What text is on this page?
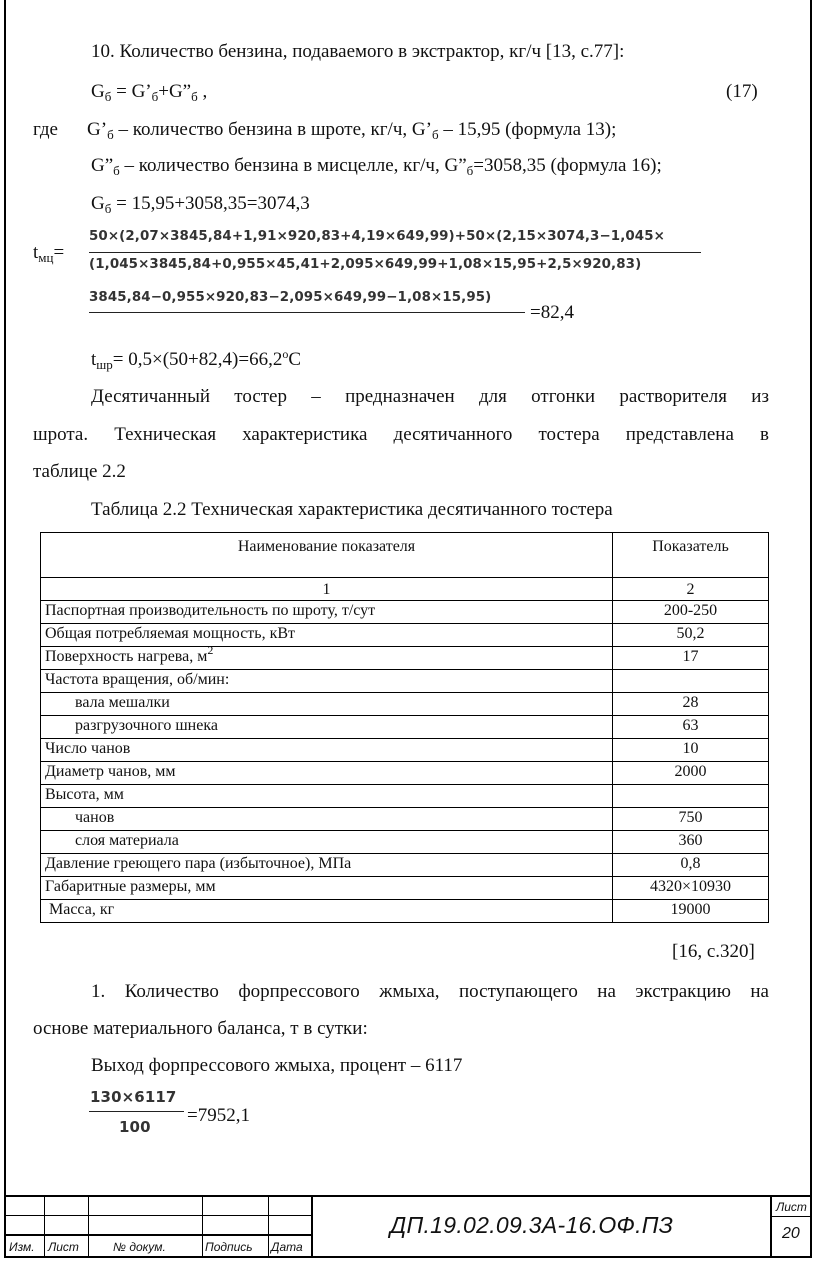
10. Количество бензина, подаваемого в экстрактор, кг/ч [13, с.77]:
$G_б$ = $G’_б+G”_б$ ,	(17)
где $G’_б$ – количество бензина в шроте, кг/ч, $G’_б - 15,95$ (формула 13);
$G”_б$ – количество бензина в мисцелле, кг/ч, $G”_б=3058,35$ (формула 16);
$G_б = 15,95+3058,35=3074,3$
$t_{мц}=$
50×(2,07×3845,84+1,91×920,83+4,19×649,99)+50×(2,15×3074,3−1,045×
(1,045×3845,84+0,955×45,41+2,095×649,99+1,08×15,95+2,5×920,83)
3845,84−0,955×920,83−2,095×649,99−1,08×15,95)
=82,4
$t_{шр}= 0,5\times(50+82,4)=66,2^оС$
Десятичанный тостер – предназначен для отгонки растворителя из
шрота. Техническая характеристика десятичанного тостера представлена в
таблице 2.2
Таблица 2.2 Техническая характеристика десятичанного тостера
Наименование показателя	Показатель
1	2
Паспортная производительность по шроту, т/сут	200-250
Общая потребляемая мощность, кВт	50,2
Поверхность нагрева, $м^2$	17
Частота вращения, об/мин:	
вала мешалки	28
разгрузочного шнека	63
Число чанов	10
Диаметр чанов, мм	2000
Высота, мм	
чанов	750
слоя материала	360
Давление греющего пара (избыточное), МПа	0,8
Габаритные размеры, мм	4320×10930
Масса, кг	19000
[16, с.320]
1. Количество форпрессового жмыха, поступающего на экстракцию на
основе материального баланса, т в сутки:
Выход форпрессового жмыха, процент – 6117
130×6117
100
=7952,1
Изм. Лист	№ докум.	Подпись Дата
ДП.19.02.09.3А-16.ОФ.ПЗ
Лист
20
